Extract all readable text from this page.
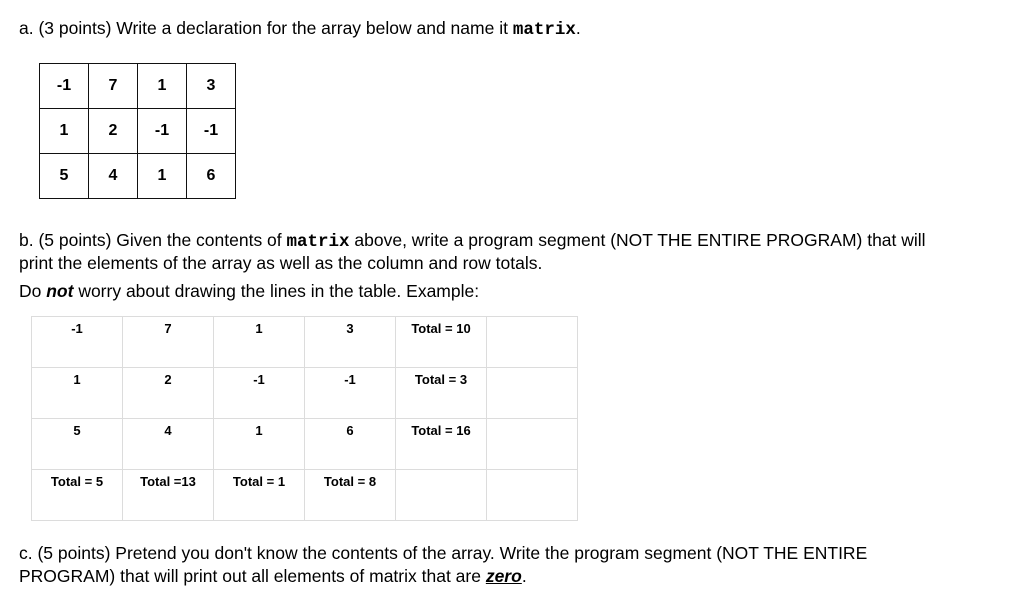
a. (3 points) Write a declaration for the array below and name it matrix.
-1	7	1	3
1	2	-1	-1
5	4	1	6
b. (5 points) Given the contents of matrix above, write a program segment (NOT THE ENTIRE PROGRAM) that will
print the elements of the array as well as the column and row totals.
Do not worry about drawing the lines in the table. Example:
-1	7	1	3	Total = 10	
1	2	-1	-1	Total = 3	
5	4	1	6	Total = 16	
Total = 5	Total =13	Total = 1	Total = 8		
c. (5 points) Pretend you don't know the contents of the array. Write the program segment (NOT THE ENTIRE
PROGRAM) that will print out all elements of matrix that are zero.
